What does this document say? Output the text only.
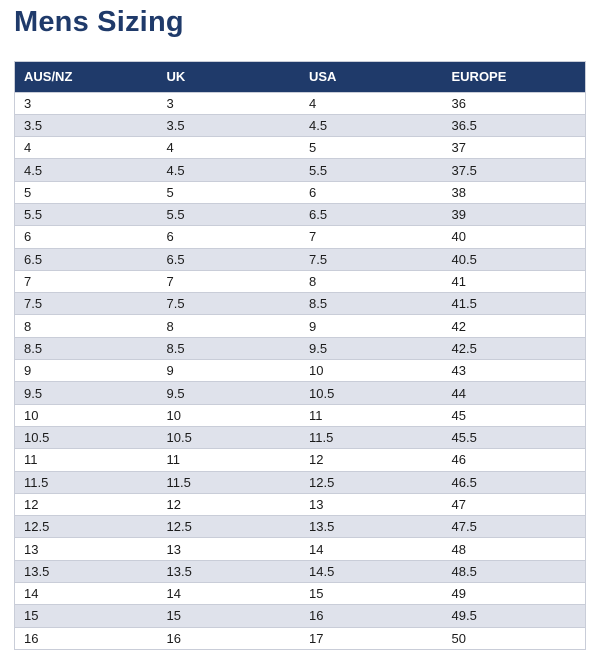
Mens Sizing
AUS/NZ	UK	USA	EUROPE
3	3	4	36
3.5	3.5	4.5	36.5
4	4	5	37
4.5	4.5	5.5	37.5
5	5	6	38
5.5	5.5	6.5	39
6	6	7	40
6.5	6.5	7.5	40.5
7	7	8	41
7.5	7.5	8.5	41.5
8	8	9	42
8.5	8.5	9.5	42.5
9	9	10	43
9.5	9.5	10.5	44
10	10	11	45
10.5	10.5	11.5	45.5
11	11	12	46
11.5	11.5	12.5	46.5
12	12	13	47
12.5	12.5	13.5	47.5
13	13	14	48
13.5	13.5	14.5	48.5
14	14	15	49
15	15	16	49.5
16	16	17	50
